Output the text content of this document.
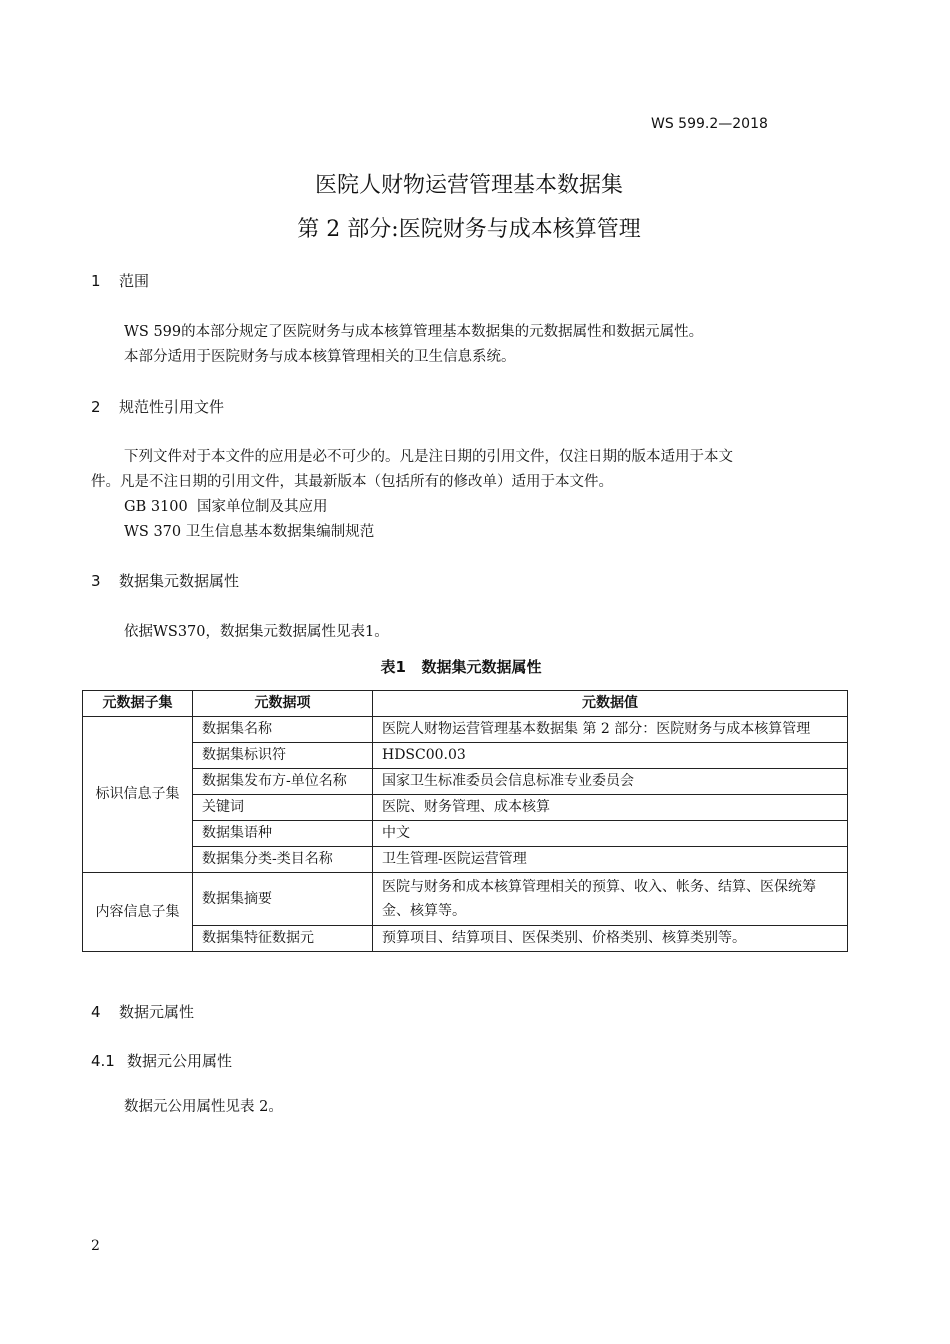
WS 599.2—2018
医院人财物运营管理基本数据集
第 2 部分:医院财务与成本核算管理
1 范围
WS 599的本部分规定了医院财务与成本核算管理基本数据集的元数据属性和数据元属性。
本部分适用于医院财务与成本核算管理相关的卫生信息系统。
2 规范性引用文件
下列文件对于本文件的应用是必不可少的。凡是注日期的引用文件，仅注日期的版本适用于本文
件。凡是不注日期的引用文件，其最新版本（包括所有的修改单）适用于本文件。
GB 3100  国家单位制及其应用
WS 370 卫生信息基本数据集编制规范
3 数据集元数据属性
依据WS370，数据集元数据属性见表1。
表1   数据集元数据属性
元数据子集	元数据项	元数据值
标识信息子集	数据集名称	医院人财物运营管理基本数据集 第 2 部分：医院财务与成本核算管理
	数据集标识符	HDSC00.03
	数据集发布方-单位名称	国家卫生标准委员会信息标准专业委员会
	关键词	医院、财务管理、成本核算
	数据集语种	中文
	数据集分类-类目名称	卫生管理-医院运营管理
内容信息子集	数据集摘要	医院与财务和成本核算管理相关的预算、收入、帐务、结算、医保统筹金、核算等。
	数据集特征数据元	预算项目、结算项目、医保类别、价格类别、核算类别等。
4 数据元属性
4.1 数据元公用属性
数据元公用属性见表 2。
2
